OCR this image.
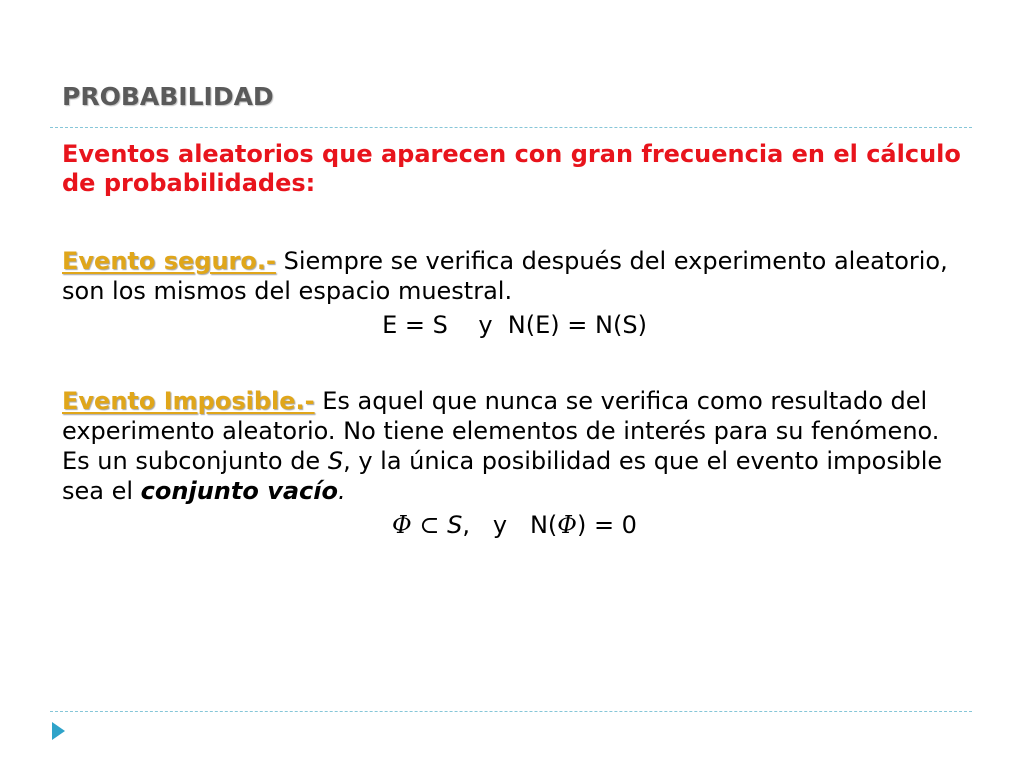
PROBABILIDAD

Eventos aleatorios que aparecen con gran frecuencia en el cálculo de probabilidades:

Evento seguro.- Siempre se verifica después del experimento aleatorio, son los mismos del espacio muestral.

E = S    y  N(E) = N(S)

Evento Imposible.- Es aquel que nunca se verifica como resultado del experimento aleatorio. No tiene elementos de interés para su fenómeno. Es un subconjunto de S, y la única posibilidad es que el evento imposible sea el conjunto vacío.

Φ ⊂ S,   y   N(Φ) = 0
